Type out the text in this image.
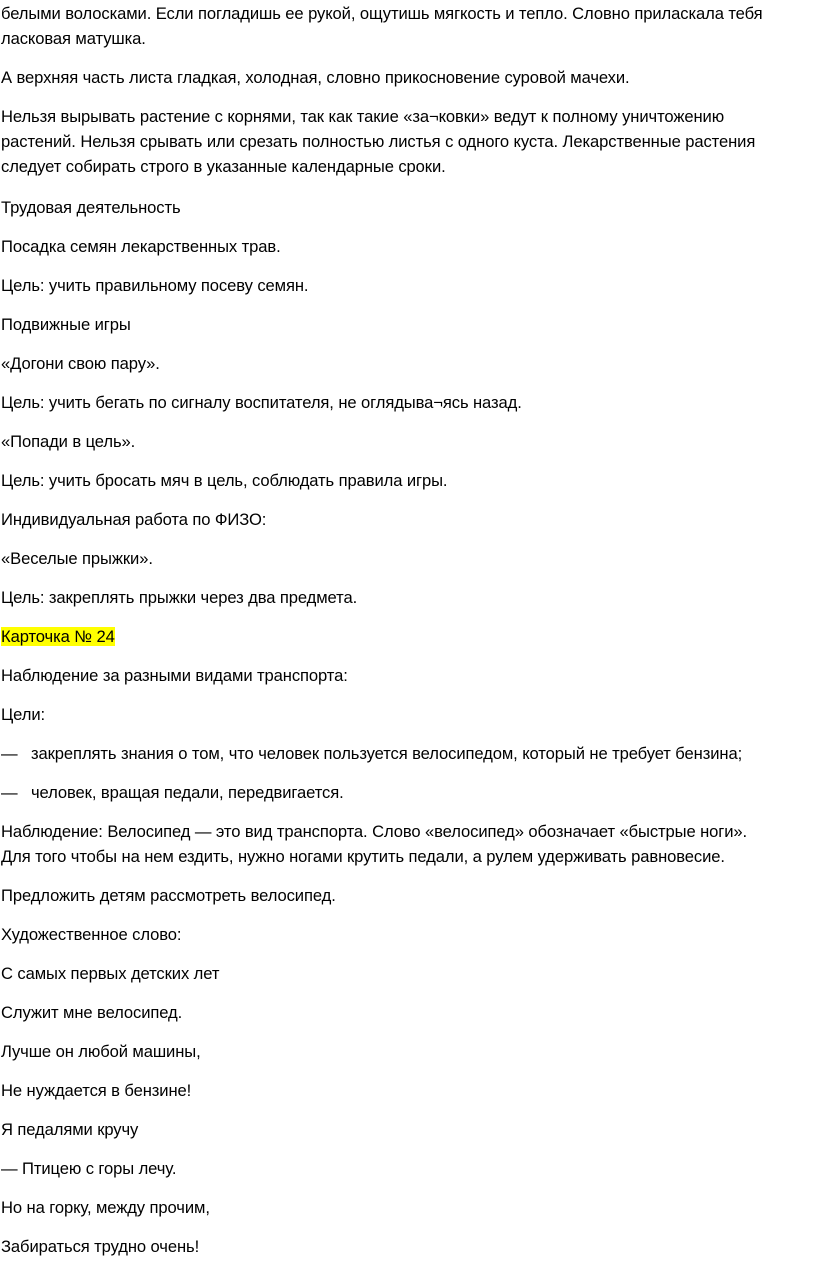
белыми волосками. Если погладишь ее рукой, ощутишь мягкость и тепло. Словно приласкала тебя
ласковая матушка.

А верхняя часть листа гладкая, холодная, словно прикосновение суровой мачехи.

Нельзя вырывать растение с корнями, так как такие «за¬ковки» ведут к полному уничтожению
растений. Нельзя срывать или срезать полностью листья с одного куста. Лекарственные растения
следует собирать строго в указанные календарные сроки.

Трудовая деятельность

Посадка семян лекарственных трав.

Цель: учить правильному посеву семян.

Подвижные игры

«Догони свою пару».

Цель: учить бегать по сигналу воспитателя, не оглядыва¬ясь назад.

«Попади в цель».

Цель: учить бросать мяч в цель, соблюдать правила игры.

Индивидуальная работа по ФИЗО:

«Веселые прыжки».

Цель: закреплять прыжки через два предмета.

Карточка № 24

Наблюдение за разными видами транспорта:

Цели:

— закреплять знания о том, что человек пользуется велосипедом, который не требует бензина;

— человек, вращая педали, передвигается.

Наблюдение: Велосипед — это вид транспорта. Слово «велосипед» обозначает «быстрые ноги».
Для того чтобы на нем ездить, нужно ногами крутить педали, а рулем удерживать равновесие.

Предложить детям рассмотреть велосипед.

Художественное слово:

С самых первых детских лет

Служит мне велосипед.

Лучше он любой машины,

Не нуждается в бензине!

Я педалями кручу

— Птицею с горы лечу.

Но на горку, между прочим,

Забираться трудно очень!
